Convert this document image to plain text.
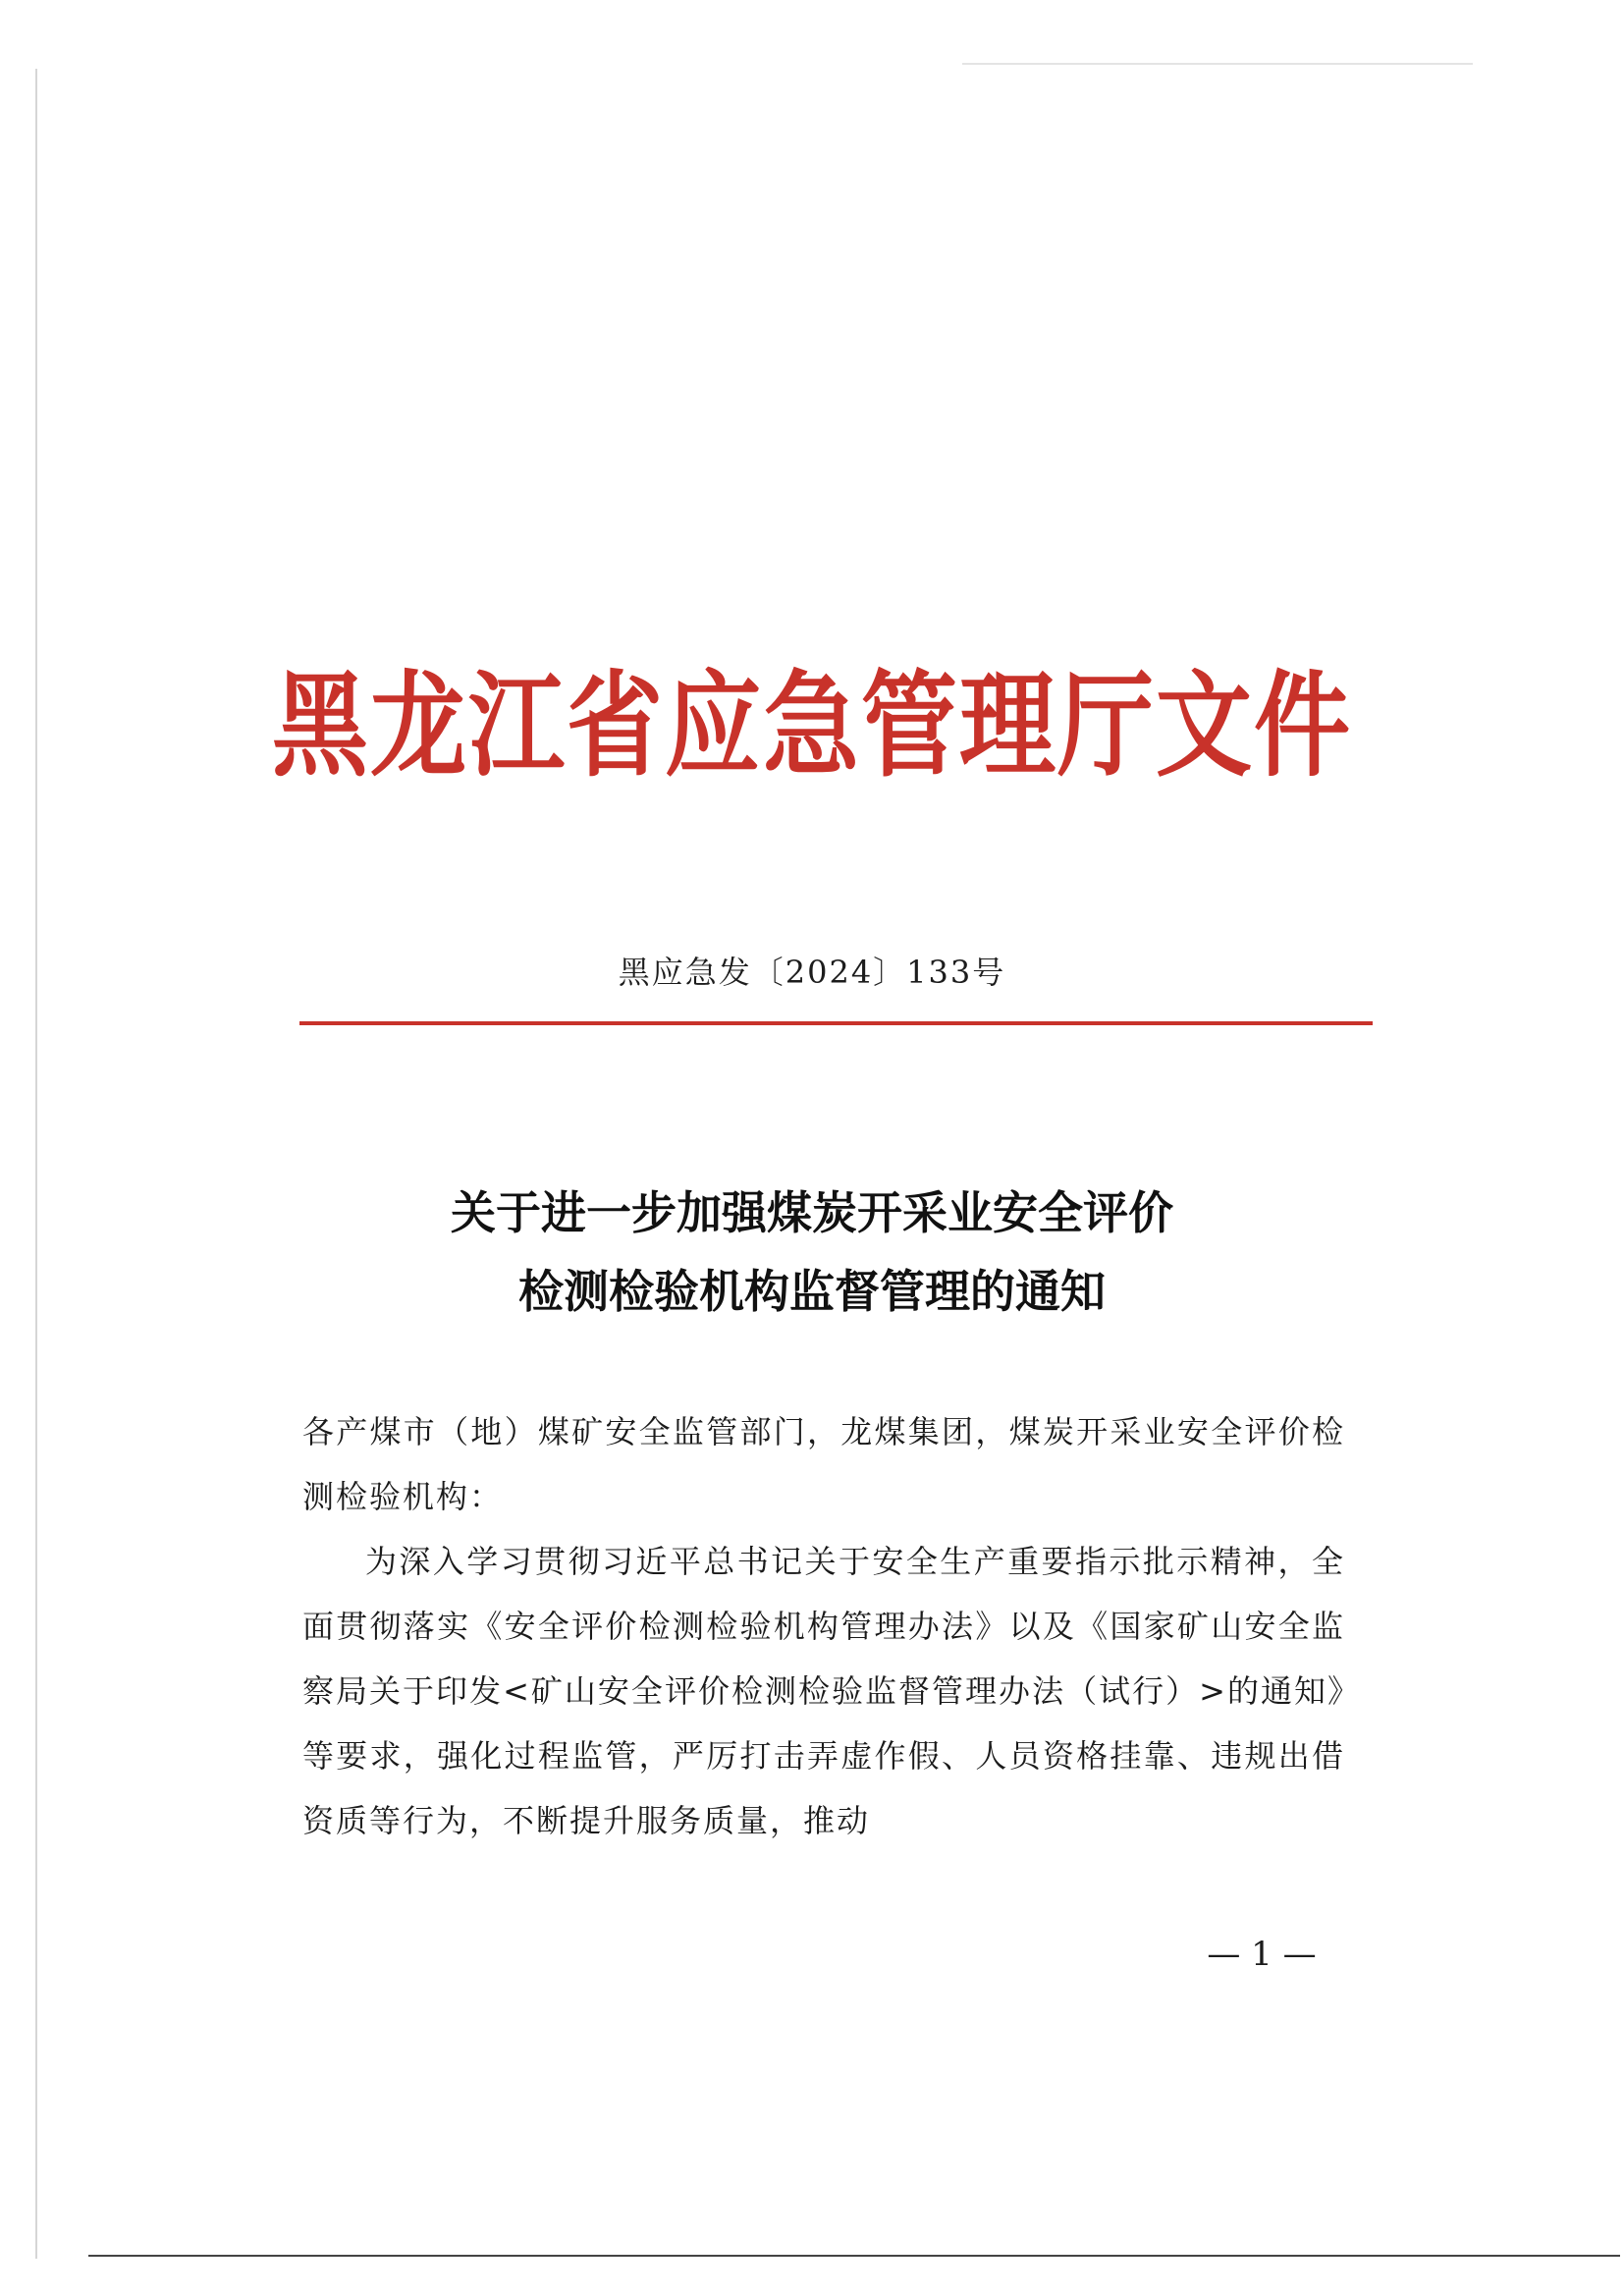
黑龙江省应急管理厅文件
黑应急发〔2024〕133号
关于进一步加强煤炭开采业安全评价
检测检验机构监督管理的通知

各产煤市（地）煤矿安全监管部门，龙煤集团，煤炭开采业安全评价检测检验机构：

为深入学习贯彻习近平总书记关于安全生产重要指示批示精神，全面贯彻落实《安全评价检测检验机构管理办法》以及《国家矿山安全监察局关于印发<矿山安全评价检测检验监督管理办法（试行）>的通知》等要求，强化过程监管，严厉打击弄虚作假、人员资格挂靠、违规出借资质等行为，不断提升服务质量，推动

— 1 —
